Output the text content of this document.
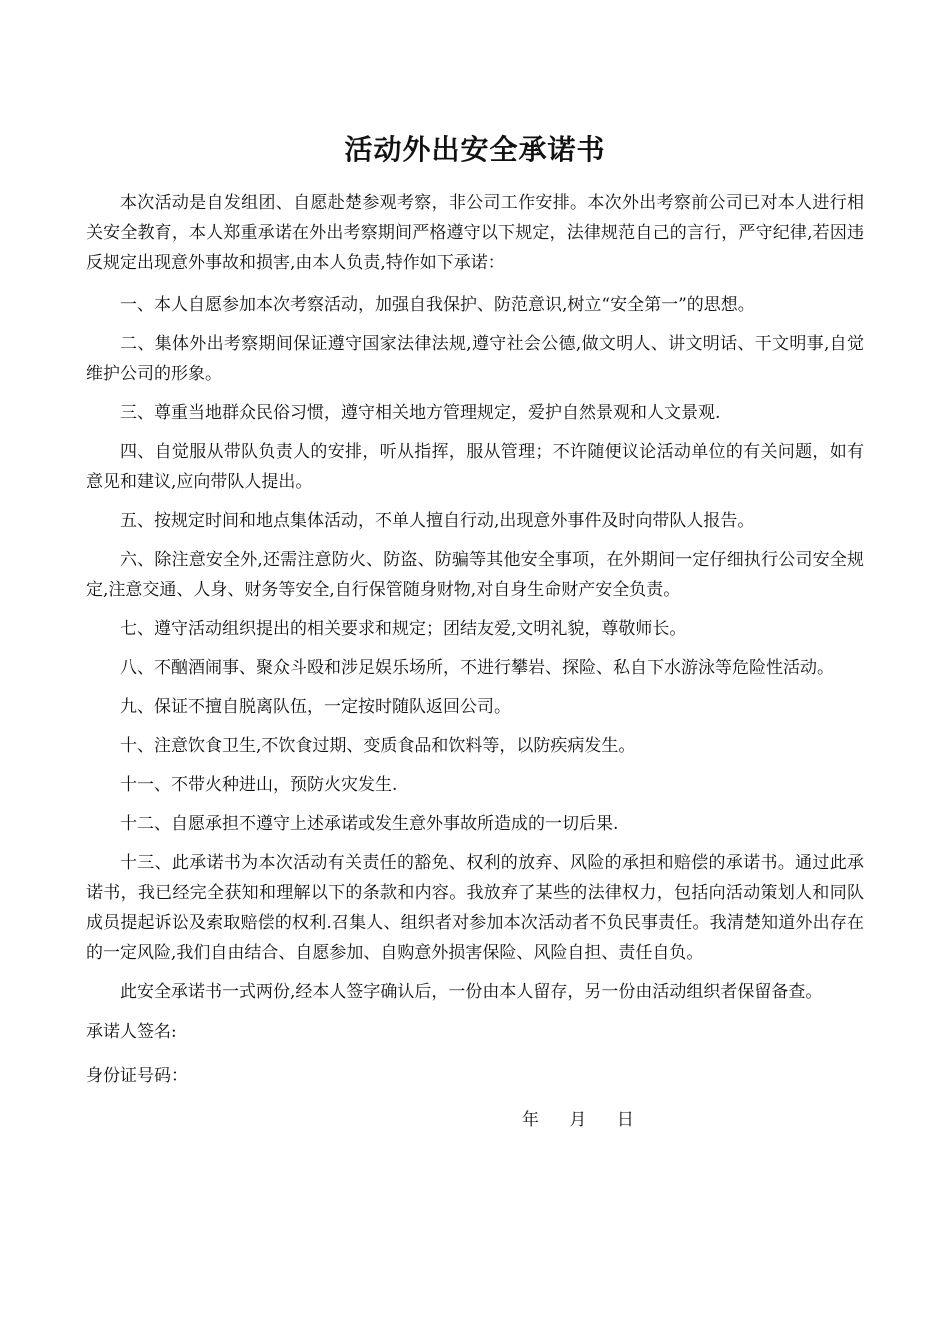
活动外出安全承诺书

本次活动是自发组团、自愿赴楚参观考察，非公司工作安排。本次外出考察前公司已对本人进行相关安全教育，本人郑重承诺在外出考察期间严格遵守以下规定，法律规范自己的言行，严守纪律,若因违反规定出现意外事故和损害,由本人负责,特作如下承诺：

一、本人自愿参加本次考察活动，加强自我保护、防范意识,树立“安全第一”的思想。

二、集体外出考察期间保证遵守国家法律法规,遵守社会公德,做文明人、讲文明话、干文明事,自觉维护公司的形象。

三、尊重当地群众民俗习惯，遵守相关地方管理规定，爱护自然景观和人文景观.

四、自觉服从带队负责人的安排，听从指挥，服从管理；不许随便议论活动单位的有关问题，如有意见和建议,应向带队人提出。

五、按规定时间和地点集体活动，不单人擅自行动,出现意外事件及时向带队人报告。

六、除注意安全外,还需注意防火、防盗、防骗等其他安全事项，在外期间一定仔细执行公司安全规定,注意交通、人身、财务等安全,自行保管随身财物,对自身生命财产安全负责。

七、遵守活动组织提出的相关要求和规定；团结友爱,文明礼貌，尊敬师长。

八、不酗酒闹事、聚众斗殴和涉足娱乐场所，不进行攀岩、探险、私自下水游泳等危险性活动。

九、保证不擅自脱离队伍，一定按时随队返回公司。

十、注意饮食卫生,不饮食过期、变质食品和饮料等，以防疾病发生。

十一、不带火种进山，预防火灾发生.

十二、自愿承担不遵守上述承诺或发生意外事故所造成的一切后果.

十三、此承诺书为本次活动有关责任的豁免、权利的放弃、风险的承担和赔偿的承诺书。通过此承诺书，我已经完全获知和理解以下的条款和内容。我放弃了某些的法律权力，包括向活动策划人和同队成员提起诉讼及索取赔偿的权利.召集人、组织者对参加本次活动者不负民事责任。我清楚知道外出存在的一定风险,我们自由结合、自愿参加、自购意外损害保险、风险自担、责任自负。

此安全承诺书一式两份,经本人签字确认后，一份由本人留存，另一份由活动组织者保留备查。

承诺人签名:
身份证号码：
年 月 日
